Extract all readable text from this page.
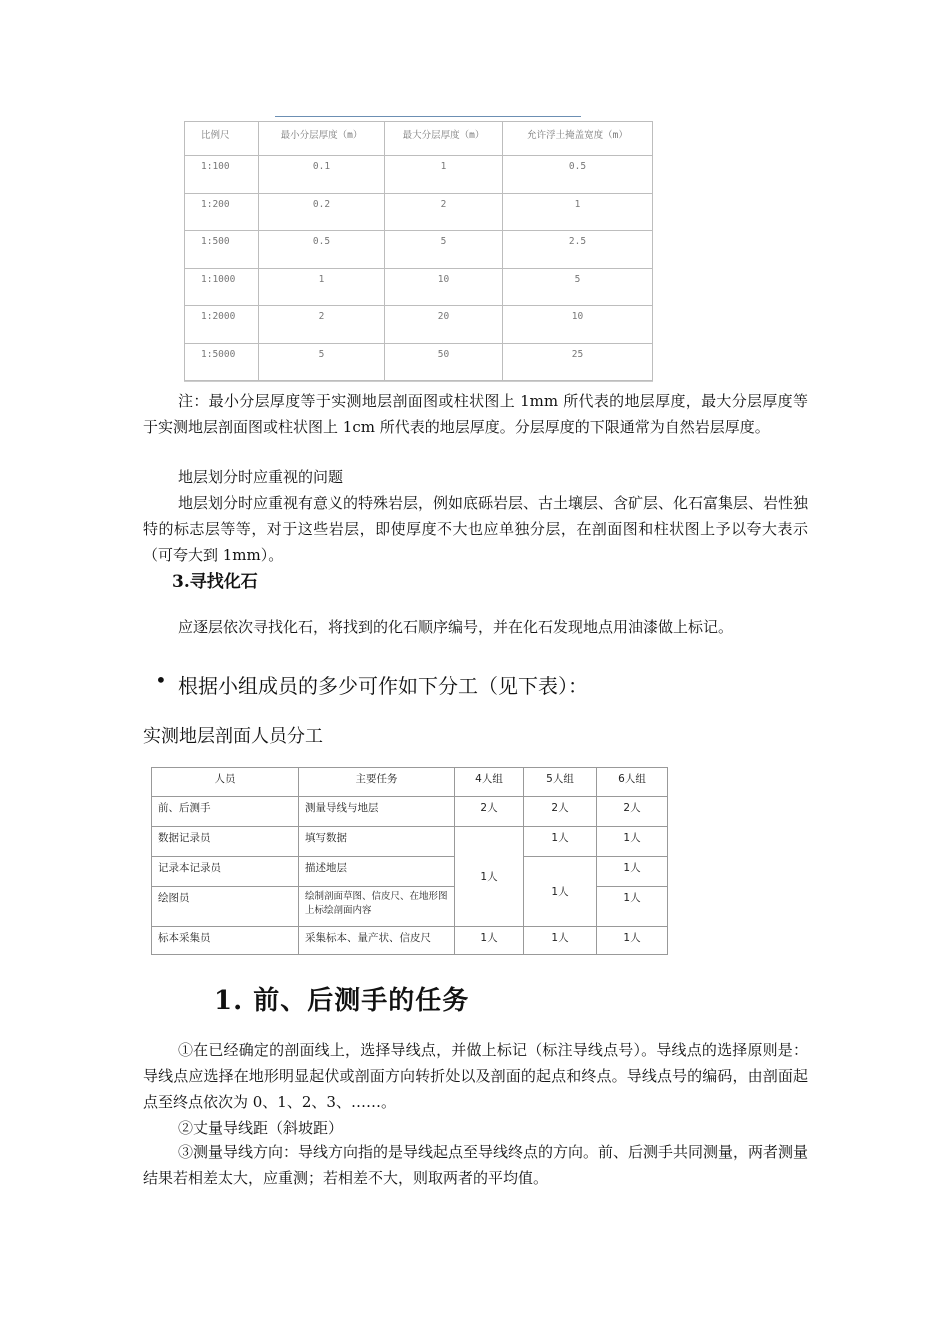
比例尺	最小分层厚度（m）	最大分层厚度（m）	允许浮土掩盖宽度（m）
1:100	0.1	1	0.5
1:200	0.2	2	1
1:500	0.5	5	2.5
1:1000	1	10	5
1:2000	2	20	10
1:5000	5	50	25
注：最小分层厚度等于实测地层剖面图或柱状图上 1mm 所代表的地层厚度，最大分层厚度等于实测地层剖面图或柱状图上 1cm 所代表的地层厚度。分层厚度的下限通常为自然岩层厚度。
地层划分时应重视的问题
地层划分时应重视有意义的特殊岩层，例如底砾岩层、古土壤层、含矿层、化石富集层、岩性独特的标志层等等，对于这些岩层，即使厚度不大也应单独分层，在剖面图和柱状图上予以夸大表示（可夸大到 1mm）。
3.寻找化石
应逐层依次寻找化石，将找到的化石顺序编号，并在化石发现地点用油漆做上标记。
• 根据小组成员的多少可作如下分工（见下表）：
实测地层剖面人员分工
人员	主要任务	4人组	5人组	6人组
前、后测手	测量导线与地层	2人	2人	2人
数据记录员	填写数据	1人	1人	1人
记录本记录员	描述地层		1人	1人
绘图员	绘制剖面草图、信皮尺、在地形图上标绘剖面内容			1人
标本采集员	采集标本、量产状、信皮尺	1人	1人	1人
1. 前、后测手的任务
①在已经确定的剖面线上，选择导线点，并做上标记（标注导线点号）。导线点的选择原则是：导线点应选择在地形明显起伏或剖面方向转折处以及剖面的起点和终点。导线点号的编码，由剖面起点至终点依次为 0、1、2、3、……。
②丈量导线距（斜坡距）
③测量导线方向：导线方向指的是导线起点至导线终点的方向。前、后测手共同测量，两者测量结果若相差太大，应重测；若相差不大，则取两者的平均值。
